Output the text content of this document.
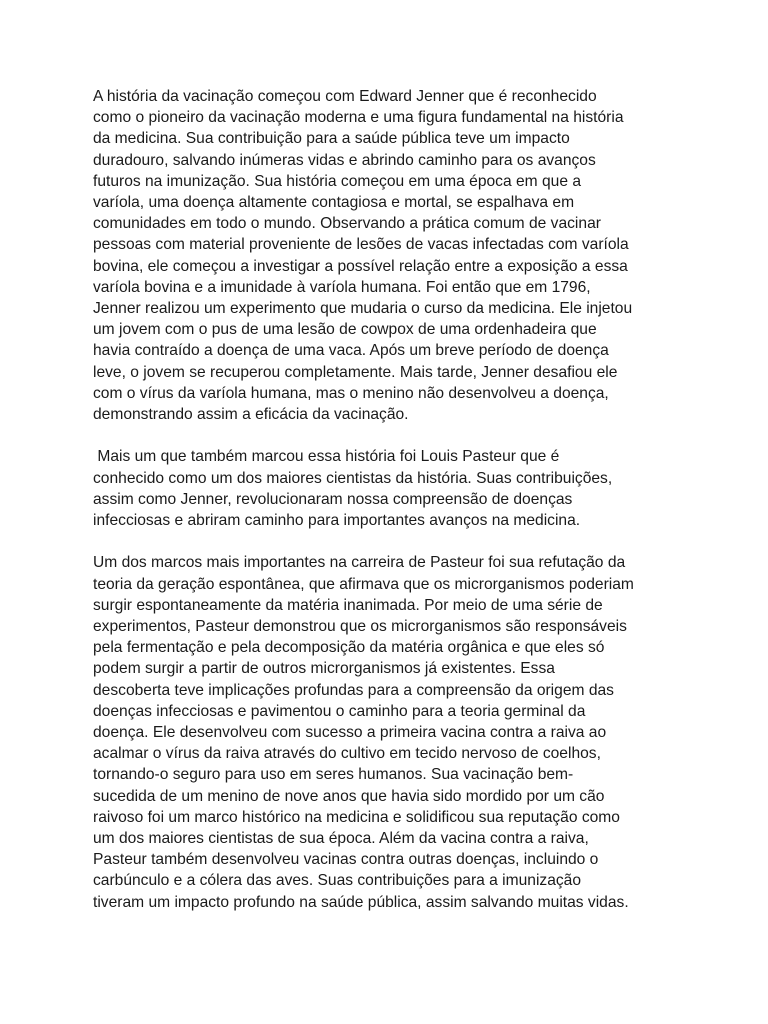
A história da vacinação começou com Edward Jenner que é reconhecido
como o pioneiro da vacinação moderna e uma figura fundamental na história
da medicina. Sua contribuição para a saúde pública teve um impacto
duradouro, salvando inúmeras vidas e abrindo caminho para os avanços
futuros na imunização. Sua história começou em uma época em que a
varíola, uma doença altamente contagiosa e mortal, se espalhava em
comunidades em todo o mundo. Observando a prática comum de vacinar
pessoas com material proveniente de lesões de vacas infectadas com varíola
bovina, ele começou a investigar a possível relação entre a exposição a essa
varíola bovina e a imunidade à varíola humana. Foi então que em 1796,
Jenner realizou um experimento que mudaria o curso da medicina. Ele injetou
um jovem com o pus de uma lesão de cowpox de uma ordenhadeira que
havia contraído a doença de uma vaca. Após um breve período de doença
leve, o jovem se recuperou completamente. Mais tarde, Jenner desafiou ele
com o vírus da varíola humana, mas o menino não desenvolveu a doença,
demonstrando assim a eficácia da vacinação.

Mais um que também marcou essa história foi Louis Pasteur que é
conhecido como um dos maiores cientistas da história. Suas contribuições,
assim como Jenner, revolucionaram nossa compreensão de doenças
infecciosas e abriram caminho para importantes avanços na medicina.

Um dos marcos mais importantes na carreira de Pasteur foi sua refutação da
teoria da geração espontânea, que afirmava que os microrganismos poderiam
surgir espontaneamente da matéria inanimada. Por meio de uma série de
experimentos, Pasteur demonstrou que os microrganismos são responsáveis
pela fermentação e pela decomposição da matéria orgânica e que eles só
podem surgir a partir de outros microrganismos já existentes. Essa
descoberta teve implicações profundas para a compreensão da origem das
doenças infecciosas e pavimentou o caminho para a teoria germinal da
doença. Ele desenvolveu com sucesso a primeira vacina contra a raiva ao
acalmar o vírus da raiva através do cultivo em tecido nervoso de coelhos,
tornando-o seguro para uso em seres humanos. Sua vacinação bem-
sucedida de um menino de nove anos que havia sido mordido por um cão
raivoso foi um marco histórico na medicina e solidificou sua reputação como
um dos maiores cientistas de sua época. Além da vacina contra a raiva,
Pasteur também desenvolveu vacinas contra outras doenças, incluindo o
carbúnculo e a cólera das aves. Suas contribuições para a imunização
tiveram um impacto profundo na saúde pública, assim salvando muitas vidas.
